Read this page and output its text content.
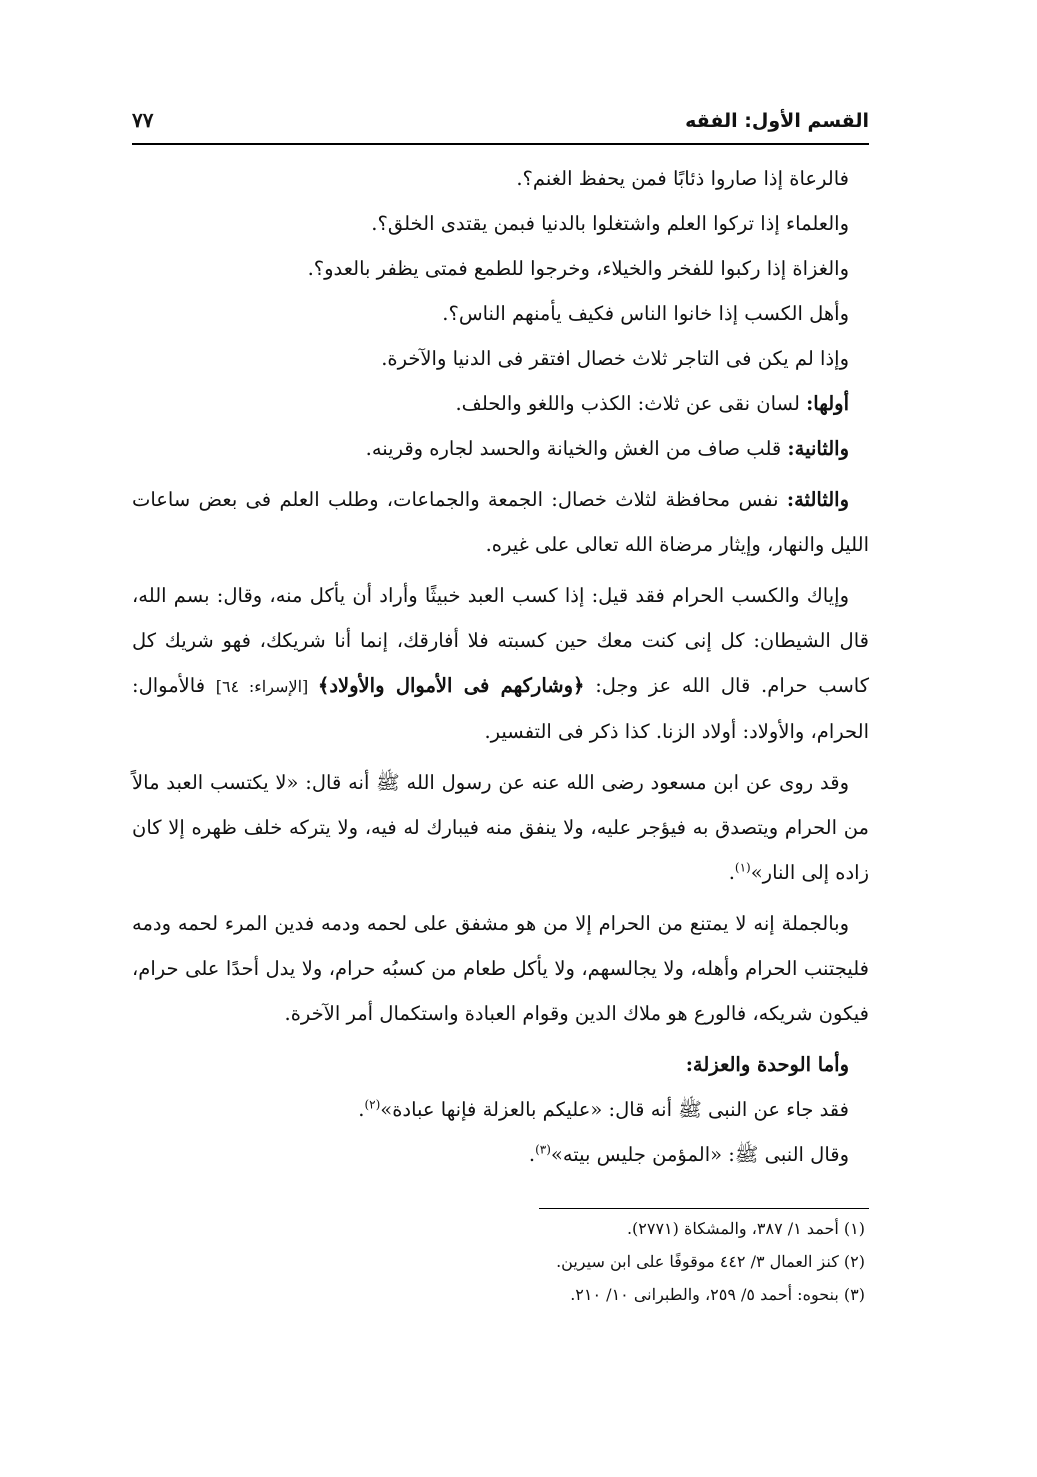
القسم الأول: الفقه
٧٧

فالرعاة إذا صاروا ذئابًا فمن يحفظ الغنم؟.

والعلماء إذا تركوا العلم واشتغلوا بالدنيا فبمن يقتدى الخلق؟.

والغزاة إذا ركبوا للفخر والخيلاء، وخرجوا للطمع فمتى يظفر بالعدو؟.

وأهل الكسب إذا خانوا الناس فكيف يأمنهم الناس؟.

وإذا لم يكن فى التاجر ثلاث خصال افتقر فى الدنيا والآخرة.

أولها: لسان نقى عن ثلاث: الكذب واللغو والحلف.

والثانية: قلب صاف من الغش والخيانة والحسد لجاره وقرينه.

والثالثة: نفس محافظة لثلاث خصال: الجمعة والجماعات، وطلب العلم فى بعض ساعات الليل والنهار، وإيثار مرضاة الله تعالى على غيره.

وإياك والكسب الحرام فقد قيل: إذا كسب العبد خبيثًا وأراد أن يأكل منه، وقال: بسم الله، قال الشيطان: كل إنى كنت معك حين كسبته فلا أفارقك، إنما أنا شريكك، فهو شريك كل كاسب حرام. قال الله عز وجل: ﴿وشاركهم فى الأموال والأولاد﴾ [الإسراء: ٦٤] فالأموال: الحرام، والأولاد: أولاد الزنا. كذا ذكر فى التفسير.

وقد روى عن ابن مسعود رضى الله عنه عن رسول الله ﷺ أنه قال: «لا يكتسب العبد مالاً من الحرام ويتصدق به فيؤجر عليه، ولا ينفق منه فيبارك له فيه، ولا يتركه خلف ظهره إلا كان زاده إلى النار»$^{(١)}$.

وبالجملة إنه لا يمتنع من الحرام إلا من هو مشفق على لحمه ودمه فدين المرء لحمه ودمه فليجتنب الحرام وأهله، ولا يجالسهم، ولا يأكل طعام من كسبُه حرام، ولا يدل أحدًا على حرام، فيكون شريكه، فالورع هو ملاك الدين وقوام العبادة واستكمال أمر الآخرة.

وأما الوحدة والعزلة:

فقد جاء عن النبى ﷺ أنه قال: «عليكم بالعزلة فإنها عبادة»$^{(٢)}$.

وقال النبى ﷺ: «المؤمن جليس بيته»$^{(٣)}$.

(١) أحمد ١/ ٣٨٧، والمشكاة (٢٧٧١).

(٢) كنز العمال ٣/ ٤٤٢ موقوفًا على ابن سيرين.

(٣) بنحوه: أحمد ٥/ ٢٥٩، والطبرانى ١٠/ ٢١٠.
